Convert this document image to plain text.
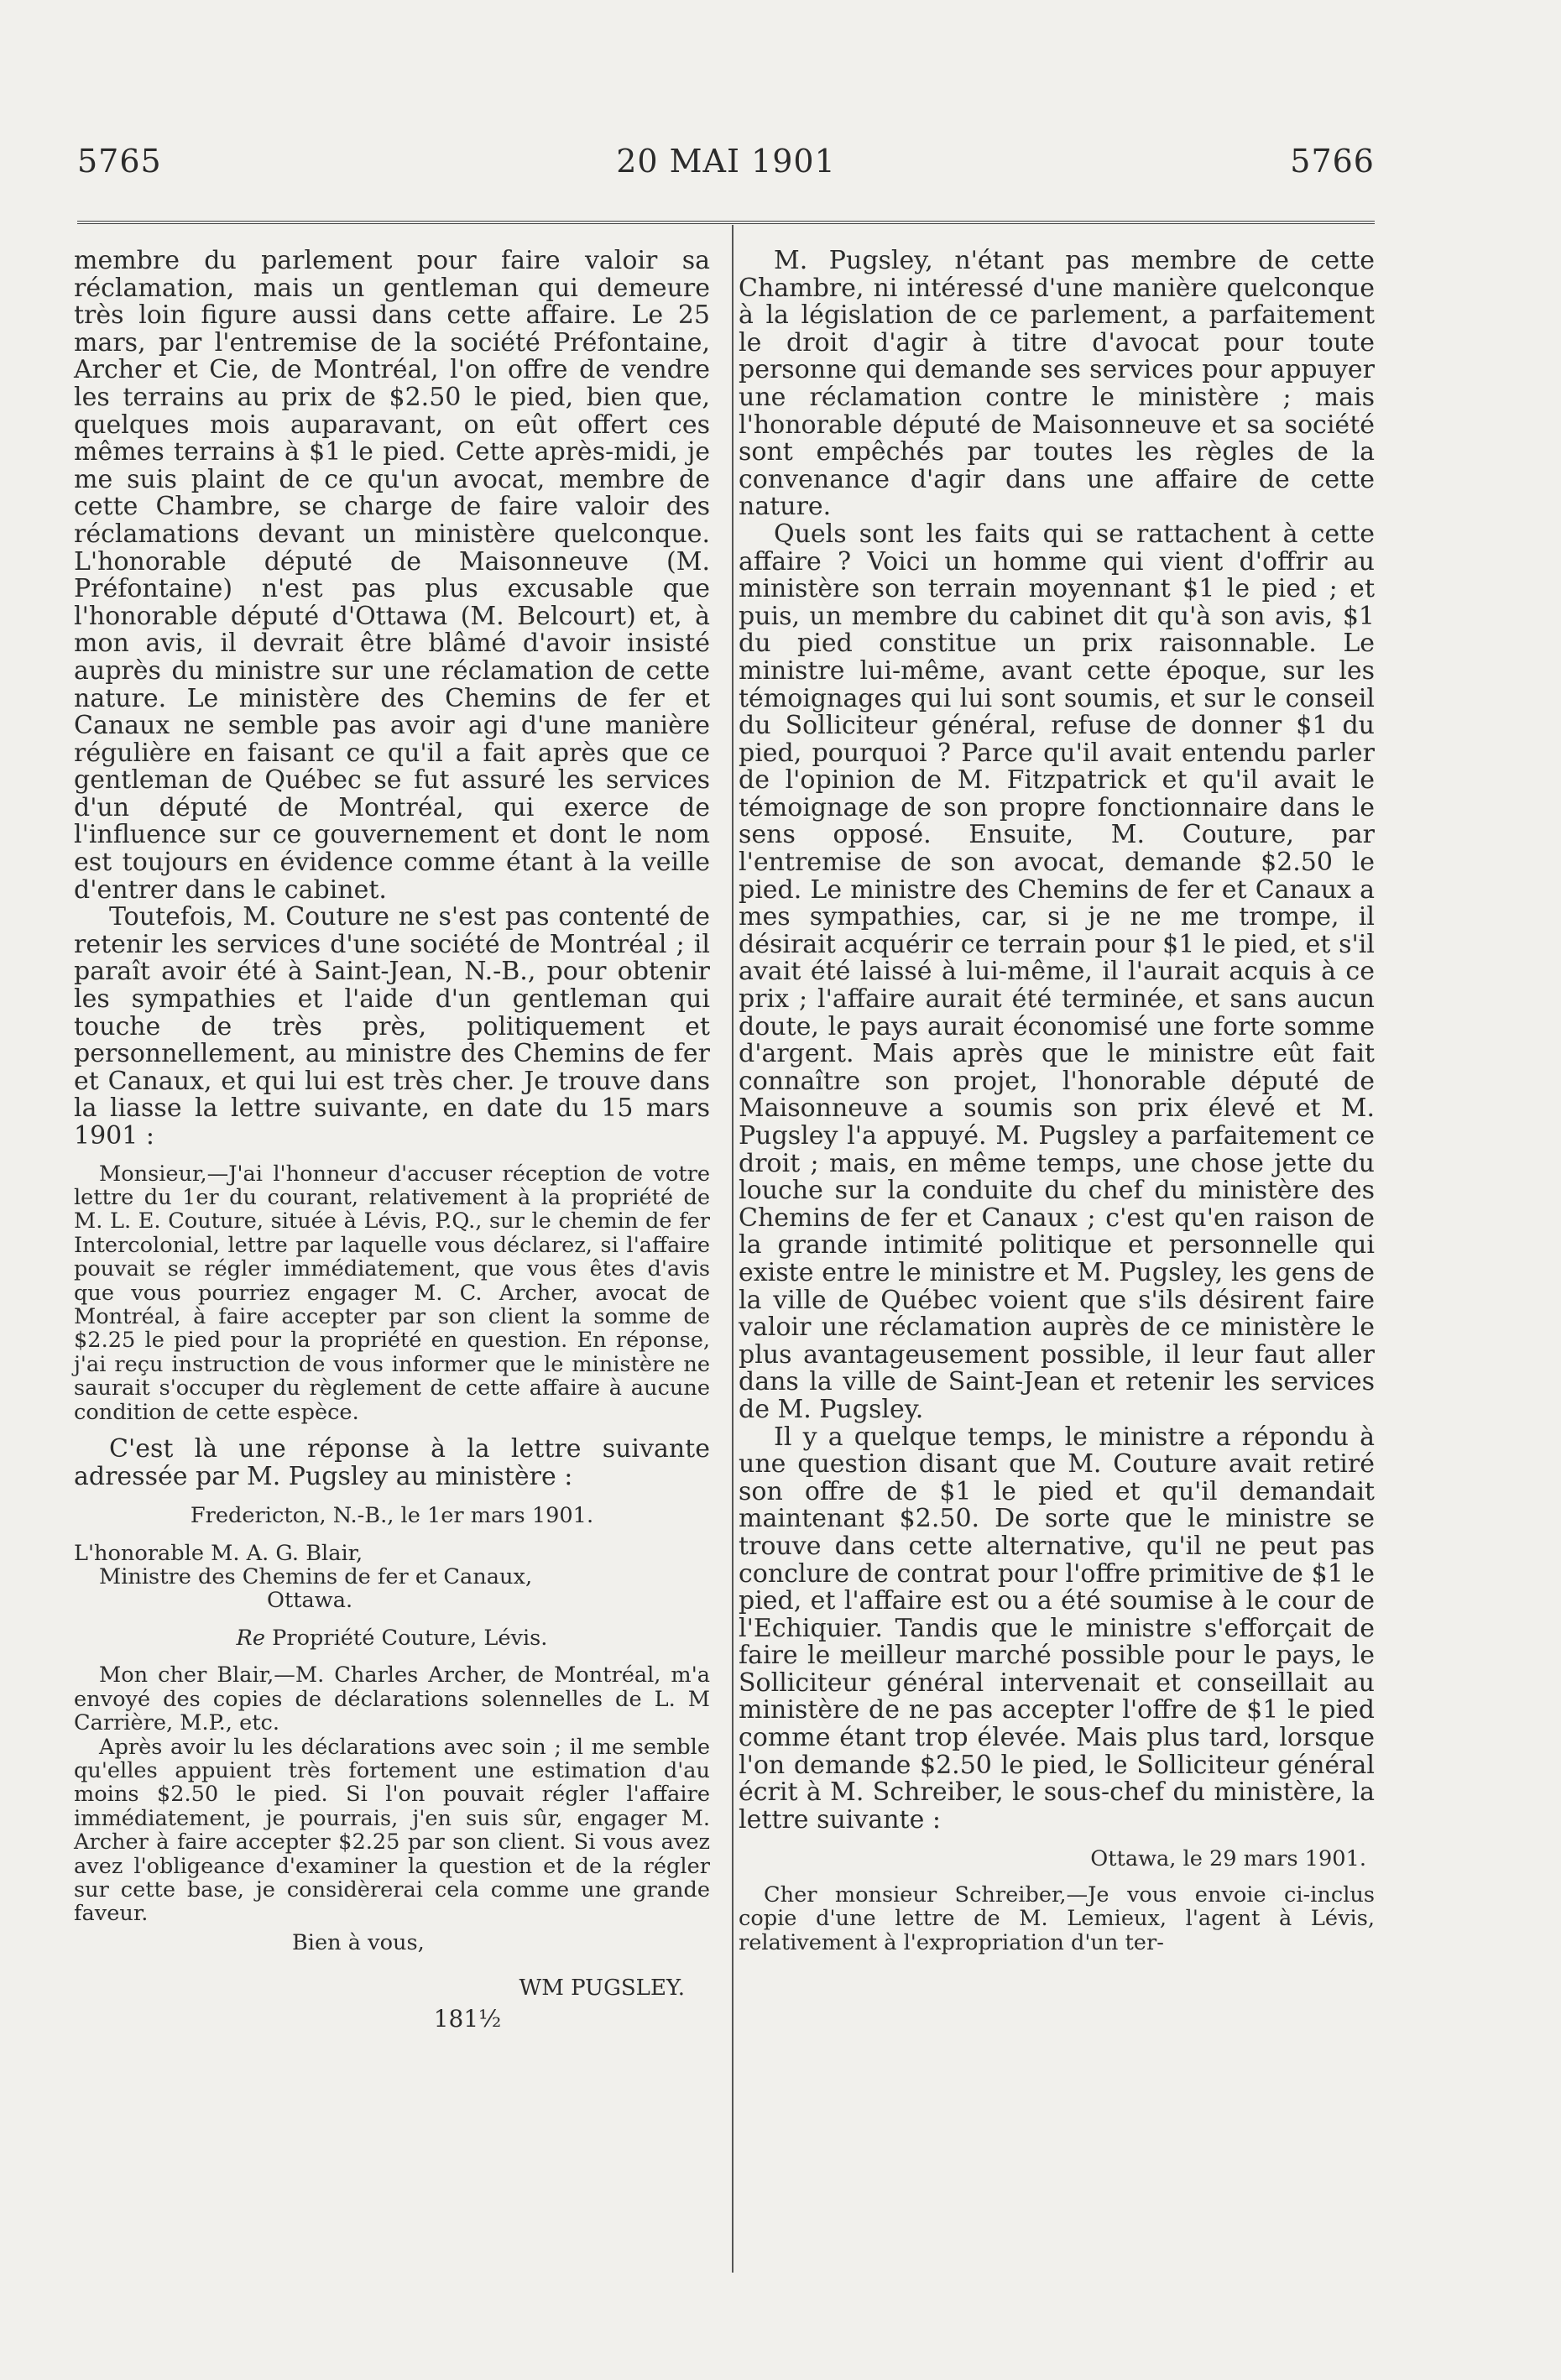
5765	20 MAI 1901	5766

membre du parlement pour faire valoir sa réclamation, mais un gentleman qui demeure très loin figure aussi dans cette affaire. Le 25 mars, par l'entremise de la société Préfontaine, Archer et Cie, de Montréal, l'on offre de vendre les terrains au prix de $2.50 le pied, bien que, quelques mois auparavant, on eût offert ces mêmes terrains à $1 le pied. Cette après-midi, je me suis plaint de ce qu'un avocat, membre de cette Chambre, se charge de faire valoir des réclamations devant un ministère quelconque. L'honorable député de Maisonneuve (M. Préfontaine) n'est pas plus excusable que l'honorable député d'Ottawa (M. Belcourt) et, à mon avis, il devrait être blâmé d'avoir insisté auprès du ministre sur une réclamation de cette nature. Le ministère des Chemins de fer et Canaux ne semble pas avoir agi d'une manière régulière en faisant ce qu'il a fait après que ce gentleman de Québec se fut assuré les services d'un député de Montréal, qui exerce de l'influence sur ce gouvernement et dont le nom est toujours en évidence comme étant à la veille d'entrer dans le cabinet.

Toutefois, M. Couture ne s'est pas contenté de retenir les services d'une société de Montréal ; il paraît avoir été à Saint-Jean, N.-B., pour obtenir les sympathies et l'aide d'un gentleman qui touche de très près, politiquement et personnellement, au ministre des Chemins de fer et Canaux, et qui lui est très cher. Je trouve dans la liasse la lettre suivante, en date du 15 mars 1901 :

Monsieur,—J'ai l'honneur d'accuser réception de votre lettre du 1er du courant, relativement à la propriété de M. L. E. Couture, située à Lévis, P.Q., sur le chemin de fer Intercolonial, lettre par laquelle vous déclarez, si l'affaire pouvait se régler immédiatement, que vous êtes d'avis que vous pourriez engager M. C. Archer, avocat de Montréal, à faire accepter par son client la somme de $2.25 le pied pour la propriété en question. En réponse, j'ai reçu instruction de vous informer que le ministère ne saurait s'occuper du règlement de cette affaire à aucune condition de cette espèce.

C'est là une réponse à la lettre suivante adressée par M. Pugsley au ministère :

Fredericton, N.-B., le 1er mars 1901.

L'honorable M. A. G. Blair,

Ministre des Chemins de fer et Canaux,

Ottawa.

Re Propriété Couture, Lévis.

Mon cher Blair,—M. Charles Archer, de Montréal, m'a envoyé des copies de déclarations solennelles de L. M Carrière, M.P., etc.

Après avoir lu les déclarations avec soin ; il me semble qu'elles appuient très fortement une estimation d'au moins $2.50 le pied. Si l'on pouvait régler l'affaire immédiatement, je pourrais, j'en suis sûr, engager M. Archer à faire accepter $2.25 par son client. Si vous avez avez l'obligeance d'examiner la question et de la régler sur cette base, je considèrerai cela comme une grande faveur.

Bien à vous,

WM PUGSLEY.

181½

M. Pugsley, n'étant pas membre de cette Chambre, ni intéressé d'une manière quelconque à la législation de ce parlement, a parfaitement le droit d'agir à titre d'avocat pour toute personne qui demande ses services pour appuyer une réclamation contre le ministère ; mais l'honorable député de Maisonneuve et sa société sont empêchés par toutes les règles de la convenance d'agir dans une affaire de cette nature.

Quels sont les faits qui se rattachent à cette affaire ? Voici un homme qui vient d'offrir au ministère son terrain moyennant $1 le pied ; et puis, un membre du cabinet dit qu'à son avis, $1 du pied constitue un prix raisonnable. Le ministre lui-même, avant cette époque, sur les témoignages qui lui sont soumis, et sur le conseil du Solliciteur général, refuse de donner $1 du pied, pourquoi ? Parce qu'il avait entendu parler de l'opinion de M. Fitzpatrick et qu'il avait le témoignage de son propre fonctionnaire dans le sens opposé. Ensuite, M. Couture, par l'entremise de son avocat, demande $2.50 le pied. Le ministre des Chemins de fer et Canaux a mes sympathies, car, si je ne me trompe, il désirait acquérir ce terrain pour $1 le pied, et s'il avait été laissé à lui-même, il l'aurait acquis à ce prix ; l'affaire aurait été terminée, et sans aucun doute, le pays aurait économisé une forte somme d'argent. Mais après que le ministre eût fait connaître son projet, l'honorable député de Maisonneuve a soumis son prix élevé et M. Pugsley l'a appuyé. M. Pugsley a parfaitement ce droit ; mais, en même temps, une chose jette du louche sur la conduite du chef du ministère des Chemins de fer et Canaux ; c'est qu'en raison de la grande intimité politique et personnelle qui existe entre le ministre et M. Pugsley, les gens de la ville de Québec voient que s'ils désirent faire valoir une réclamation auprès de ce ministère le plus avantageusement possible, il leur faut aller dans la ville de Saint-Jean et retenir les services de M. Pugsley.

Il y a quelque temps, le ministre a répondu à une question disant que M. Couture avait retiré son offre de $1 le pied et qu'il demandait maintenant $2.50. De sorte que le ministre se trouve dans cette alternative, qu'il ne peut pas conclure de contrat pour l'offre primitive de $1 le pied, et l'affaire est ou a été soumise à le cour de l'Echiquier. Tandis que le ministre s'efforçait de faire le meilleur marché possible pour le pays, le Solliciteur général intervenait et conseillait au ministère de ne pas accepter l'offre de $1 le pied comme étant trop élevée. Mais plus tard, lorsque l'on demande $2.50 le pied, le Solliciteur général écrit à M. Schreiber, le sous-chef du ministère, la lettre suivante :

Ottawa, le 29 mars 1901.

Cher monsieur Schreiber,—Je vous envoie ci-inclus copie d'une lettre de M. Lemieux, l'agent à Lévis, relativement à l'expropriation d'un ter-
